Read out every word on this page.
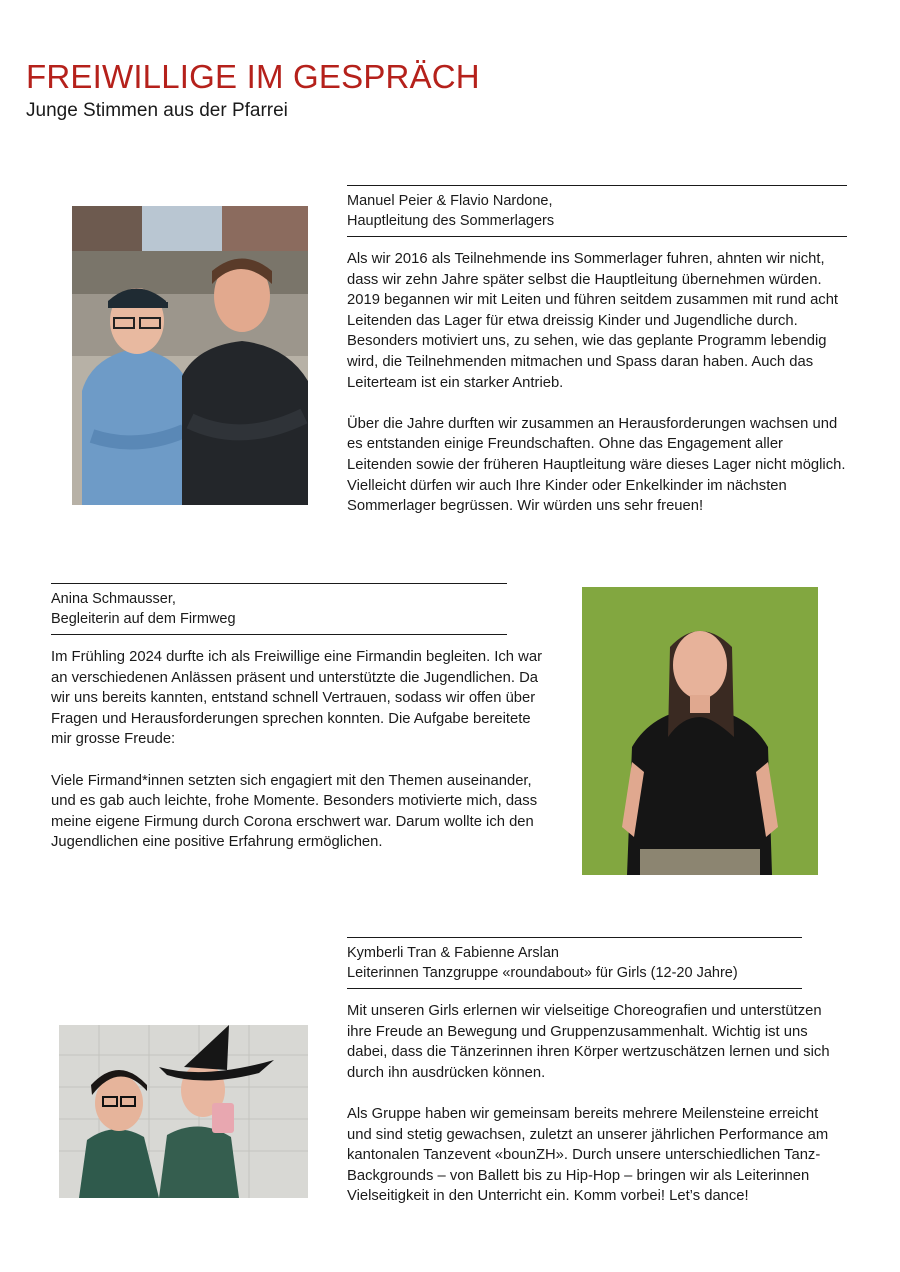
FREIWILLIGE IM GESPRÄCH
Junge Stimmen aus der Pfarrei
Manuel Peier & Flavio Nardone,
Hauptleitung des Sommerlagers

Als wir 2016 als Teilnehmende ins Sommerlager fuhren, ahnten wir nicht, dass wir zehn Jahre später selbst die Hauptleitung übernehmen würden. 2019 begannen wir mit Leiten und führen seitdem zusammen mit rund acht Leitenden das Lager für etwa dreissig Kinder und Jugendliche durch. Besonders motiviert uns, zu sehen, wie das geplante Programm lebendig wird, die Teilnehmenden mitmachen und Spass daran haben. Auch das Leiterteam ist ein starker Antrieb.

Über die Jahre durften wir zusammen an Herausforderungen wachsen und es entstanden einige Freundschaften. Ohne das Engagement aller Leitenden sowie der früheren Hauptleitung wäre dieses Lager nicht möglich. Vielleicht dürfen wir auch Ihre Kinder oder Enkelkinder im nächsten Sommerlager begrüssen. Wir würden uns sehr freuen!

Anina Schmausser,
Begleiterin auf dem Firmweg

Im Frühling 2024 durfte ich als Freiwillige eine Firmandin begleiten. Ich war an verschiedenen Anlässen präsent und unterstützte die Jugendlichen. Da wir uns bereits kannten, entstand schnell Vertrauen, sodass wir offen über Fragen und Herausforderungen sprechen konnten. Die Aufgabe bereitete mir grosse Freude:

Viele Firmand*innen setzten sich engagiert mit den Themen auseinander, und es gab auch leichte, frohe Momente. Besonders motivierte mich, dass meine eigene Firmung durch Corona erschwert war. Darum wollte ich den Jugendlichen eine positive Erfahrung ermöglichen.

Kymberli Tran & Fabienne Arslan
Leiterinnen Tanzgruppe «roundabout» für Girls (12-20 Jahre)

Mit unseren Girls erlernen wir vielseitige Choreografien und unterstützen ihre Freude an Bewegung und Gruppenzusammenhalt. Wichtig ist uns dabei, dass die Tänzerinnen ihren Körper wertzuschätzen lernen und sich durch ihn ausdrücken können.

Als Gruppe haben wir gemeinsam bereits mehrere Meilensteine erreicht und sind stetig gewachsen, zuletzt an unserer jährlichen Performance am kantonalen Tanzevent «bounZH». Durch unsere unterschiedlichen Tanz-Backgrounds – von Ballett bis zu Hip-Hop – bringen wir als Leiterinnen Vielseitigkeit in den Unterricht ein. Komm vorbei! Let’s dance!
